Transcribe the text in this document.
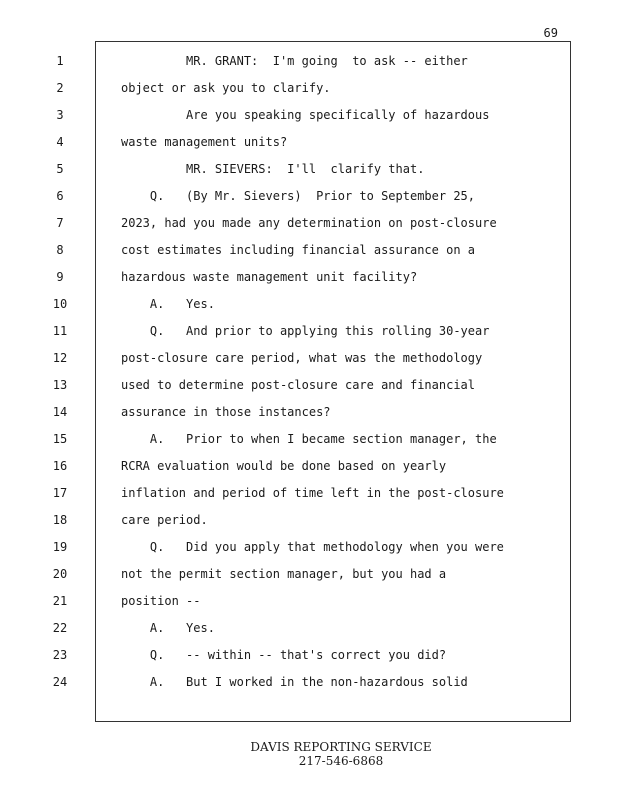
69
1	MR. GRANT:  I'm going  to ask -- either
2	object or ask you to clarify.
3	Are you speaking specifically of hazardous
4	waste management units?
5	MR. SIEVERS:  I'll  clarify that.
6	Q.   (By Mr. Sievers)  Prior to September 25,
7	2023, had you made any determination on post-closure
8	cost estimates including financial assurance on a
9	hazardous waste management unit facility?
10	A.   Yes.
11	Q.   And prior to applying this rolling 30-year
12	post-closure care period, what was the methodology
13	used to determine post-closure care and financial
14	assurance in those instances?
15	A.   Prior to when I became section manager, the
16	RCRA evaluation would be done based on yearly
17	inflation and period of time left in the post-closure
18	care period.
19	Q.   Did you apply that methodology when you were
20	not the permit section manager, but you had a
21	position --
22	A.   Yes.
23	Q.   -- within -- that's correct you did?
24	A.   But I worked in the non-hazardous solid
DAVIS REPORTING SERVICE
217-546-6868
